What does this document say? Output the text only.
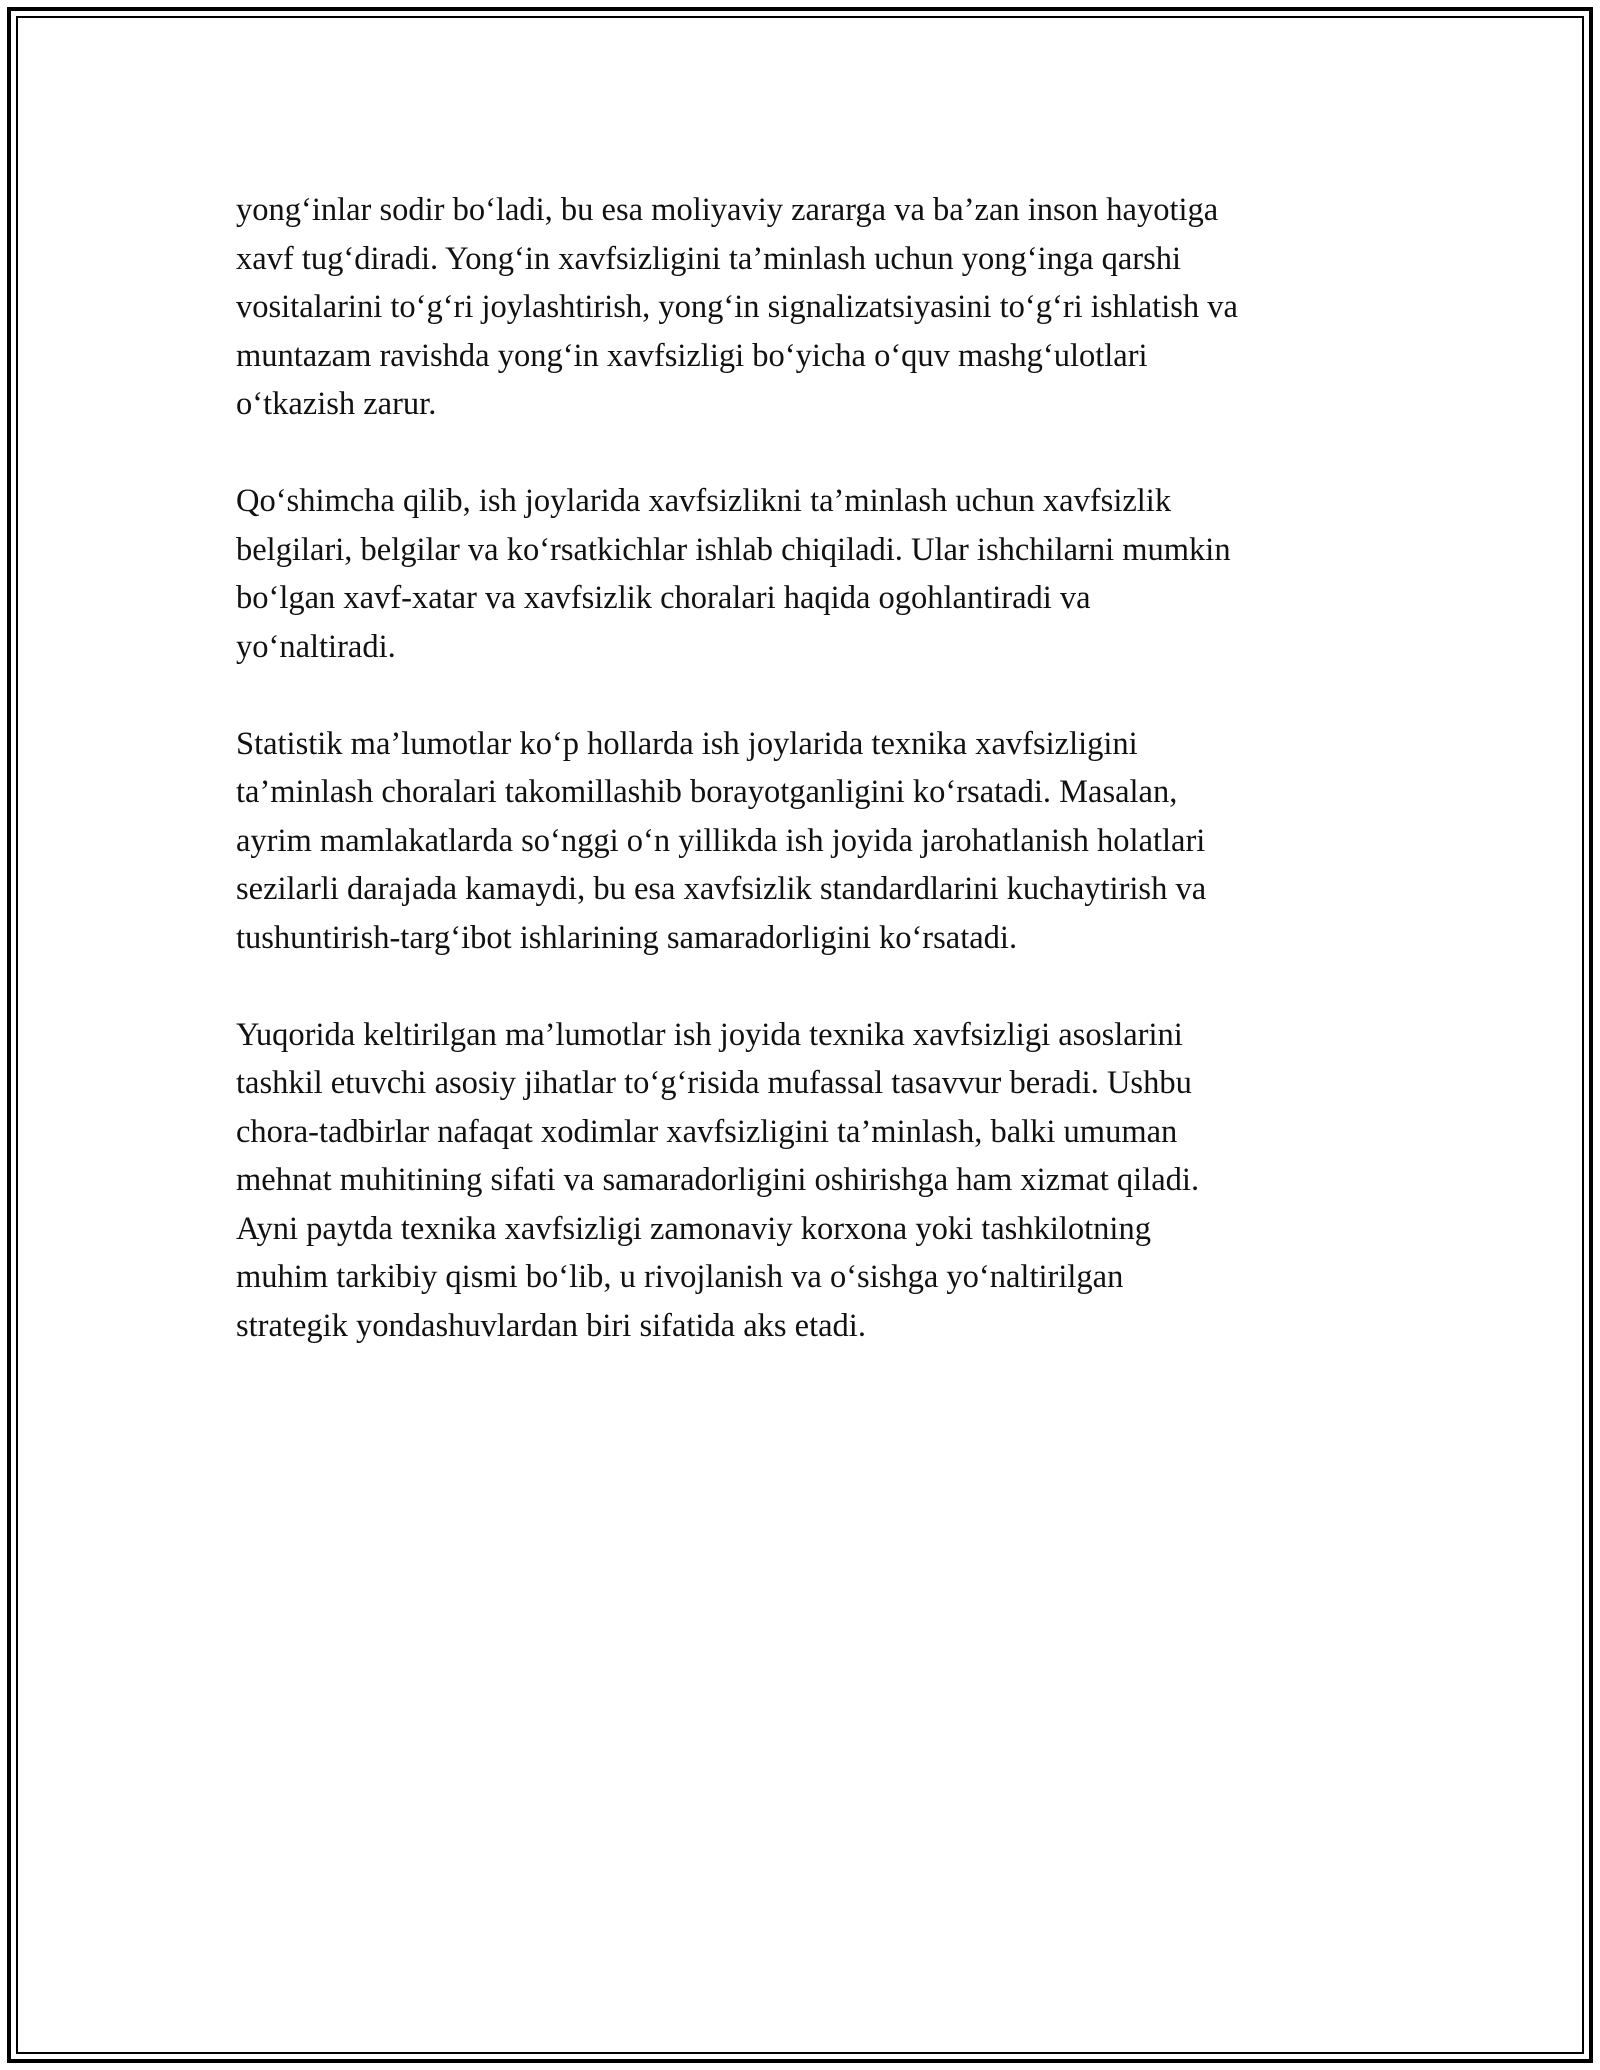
yong‘inlar sodir bo‘ladi, bu esa moliyaviy zararga va ba’zan inson hayotiga
xavf tug‘diradi. Yong‘in xavfsizligini ta’minlash uchun yong‘inga qarshi
vositalarini to‘g‘ri joylashtirish, yong‘in signalizatsiyasini to‘g‘ri ishlatish va
muntazam ravishda yong‘in xavfsizligi bo‘yicha o‘quv mashg‘ulotlari
o‘tkazish zarur.

Qo‘shimcha qilib, ish joylarida xavfsizlikni ta’minlash uchun xavfsizlik
belgilari, belgilar va ko‘rsatkichlar ishlab chiqiladi. Ular ishchilarni mumkin
bo‘lgan xavf-xatar va xavfsizlik choralari haqida ogohlantiradi va
yo‘naltiradi.

Statistik ma’lumotlar ko‘p hollarda ish joylarida texnika xavfsizligini
ta’minlash choralari takomillashib borayotganligini ko‘rsatadi. Masalan,
ayrim mamlakatlarda so‘nggi o‘n yillikda ish joyida jarohatlanish holatlari
sezilarli darajada kamaydi, bu esa xavfsizlik standardlarini kuchaytirish va
tushuntirish-targ‘ibot ishlarining samaradorligini ko‘rsatadi.

Yuqorida keltirilgan ma’lumotlar ish joyida texnika xavfsizligi asoslarini
tashkil etuvchi asosiy jihatlar to‘g‘risida mufassal tasavvur beradi. Ushbu
chora-tadbirlar nafaqat xodimlar xavfsizligini ta’minlash, balki umuman
mehnat muhitining sifati va samaradorligini oshirishga ham xizmat qiladi.
Ayni paytda texnika xavfsizligi zamonaviy korxona yoki tashkilotning
muhim tarkibiy qismi bo‘lib, u rivojlanish va o‘sishga yo‘naltirilgan
strategik yondashuvlardan biri sifatida aks etadi.
